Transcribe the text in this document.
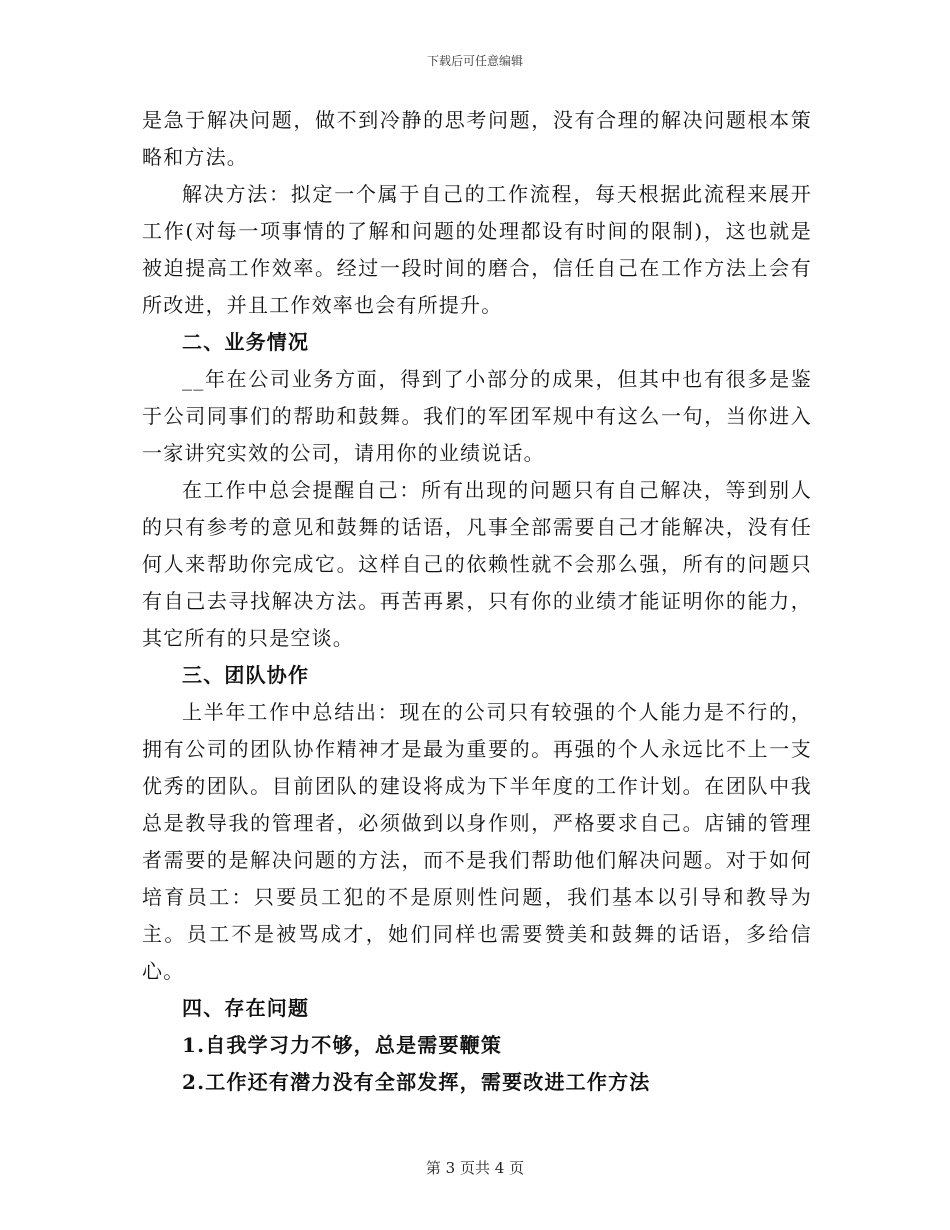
下载后可任意编辑

是急于解决问题，做不到冷静的思考问题，没有合理的解决问题根本策略和方法。

解决方法：拟定一个属于自己的工作流程，每天根据此流程来展开工作(对每一项事情的了解和问题的处理都设有时间的限制)，这也就是被迫提高工作效率。经过一段时间的磨合，信任自己在工作方法上会有所改进，并且工作效率也会有所提升。

二、业务情况

__年在公司业务方面，得到了小部分的成果，但其中也有很多是鉴于公司同事们的帮助和鼓舞。我们的军团军规中有这么一句，当你进入一家讲究实效的公司，请用你的业绩说话。

在工作中总会提醒自己：所有出现的问题只有自己解决，等到别人的只有参考的意见和鼓舞的话语，凡事全部需要自己才能解决，没有任何人来帮助你完成它。这样自己的依赖性就不会那么强，所有的问题只有自己去寻找解决方法。再苦再累，只有你的业绩才能证明你的能力，其它所有的只是空谈。

三、团队协作

上半年工作中总结出：现在的公司只有较强的个人能力是不行的，拥有公司的团队协作精神才是最为重要的。再强的个人永远比不上一支优秀的团队。目前团队的建设将成为下半年度的工作计划。在团队中我总是教导我的管理者，必须做到以身作则，严格要求自己。店铺的管理者需要的是解决问题的方法，而不是我们帮助他们解决问题。对于如何培育员工：只要员工犯的不是原则性问题，我们基本以引导和教导为主。员工不是被骂成才，她们同样也需要赞美和鼓舞的话语，多给信心。

四、存在问题

1.自我学习力不够，总是需要鞭策

2.工作还有潜力没有全部发挥，需要改进工作方法

第 3 页共 4 页
